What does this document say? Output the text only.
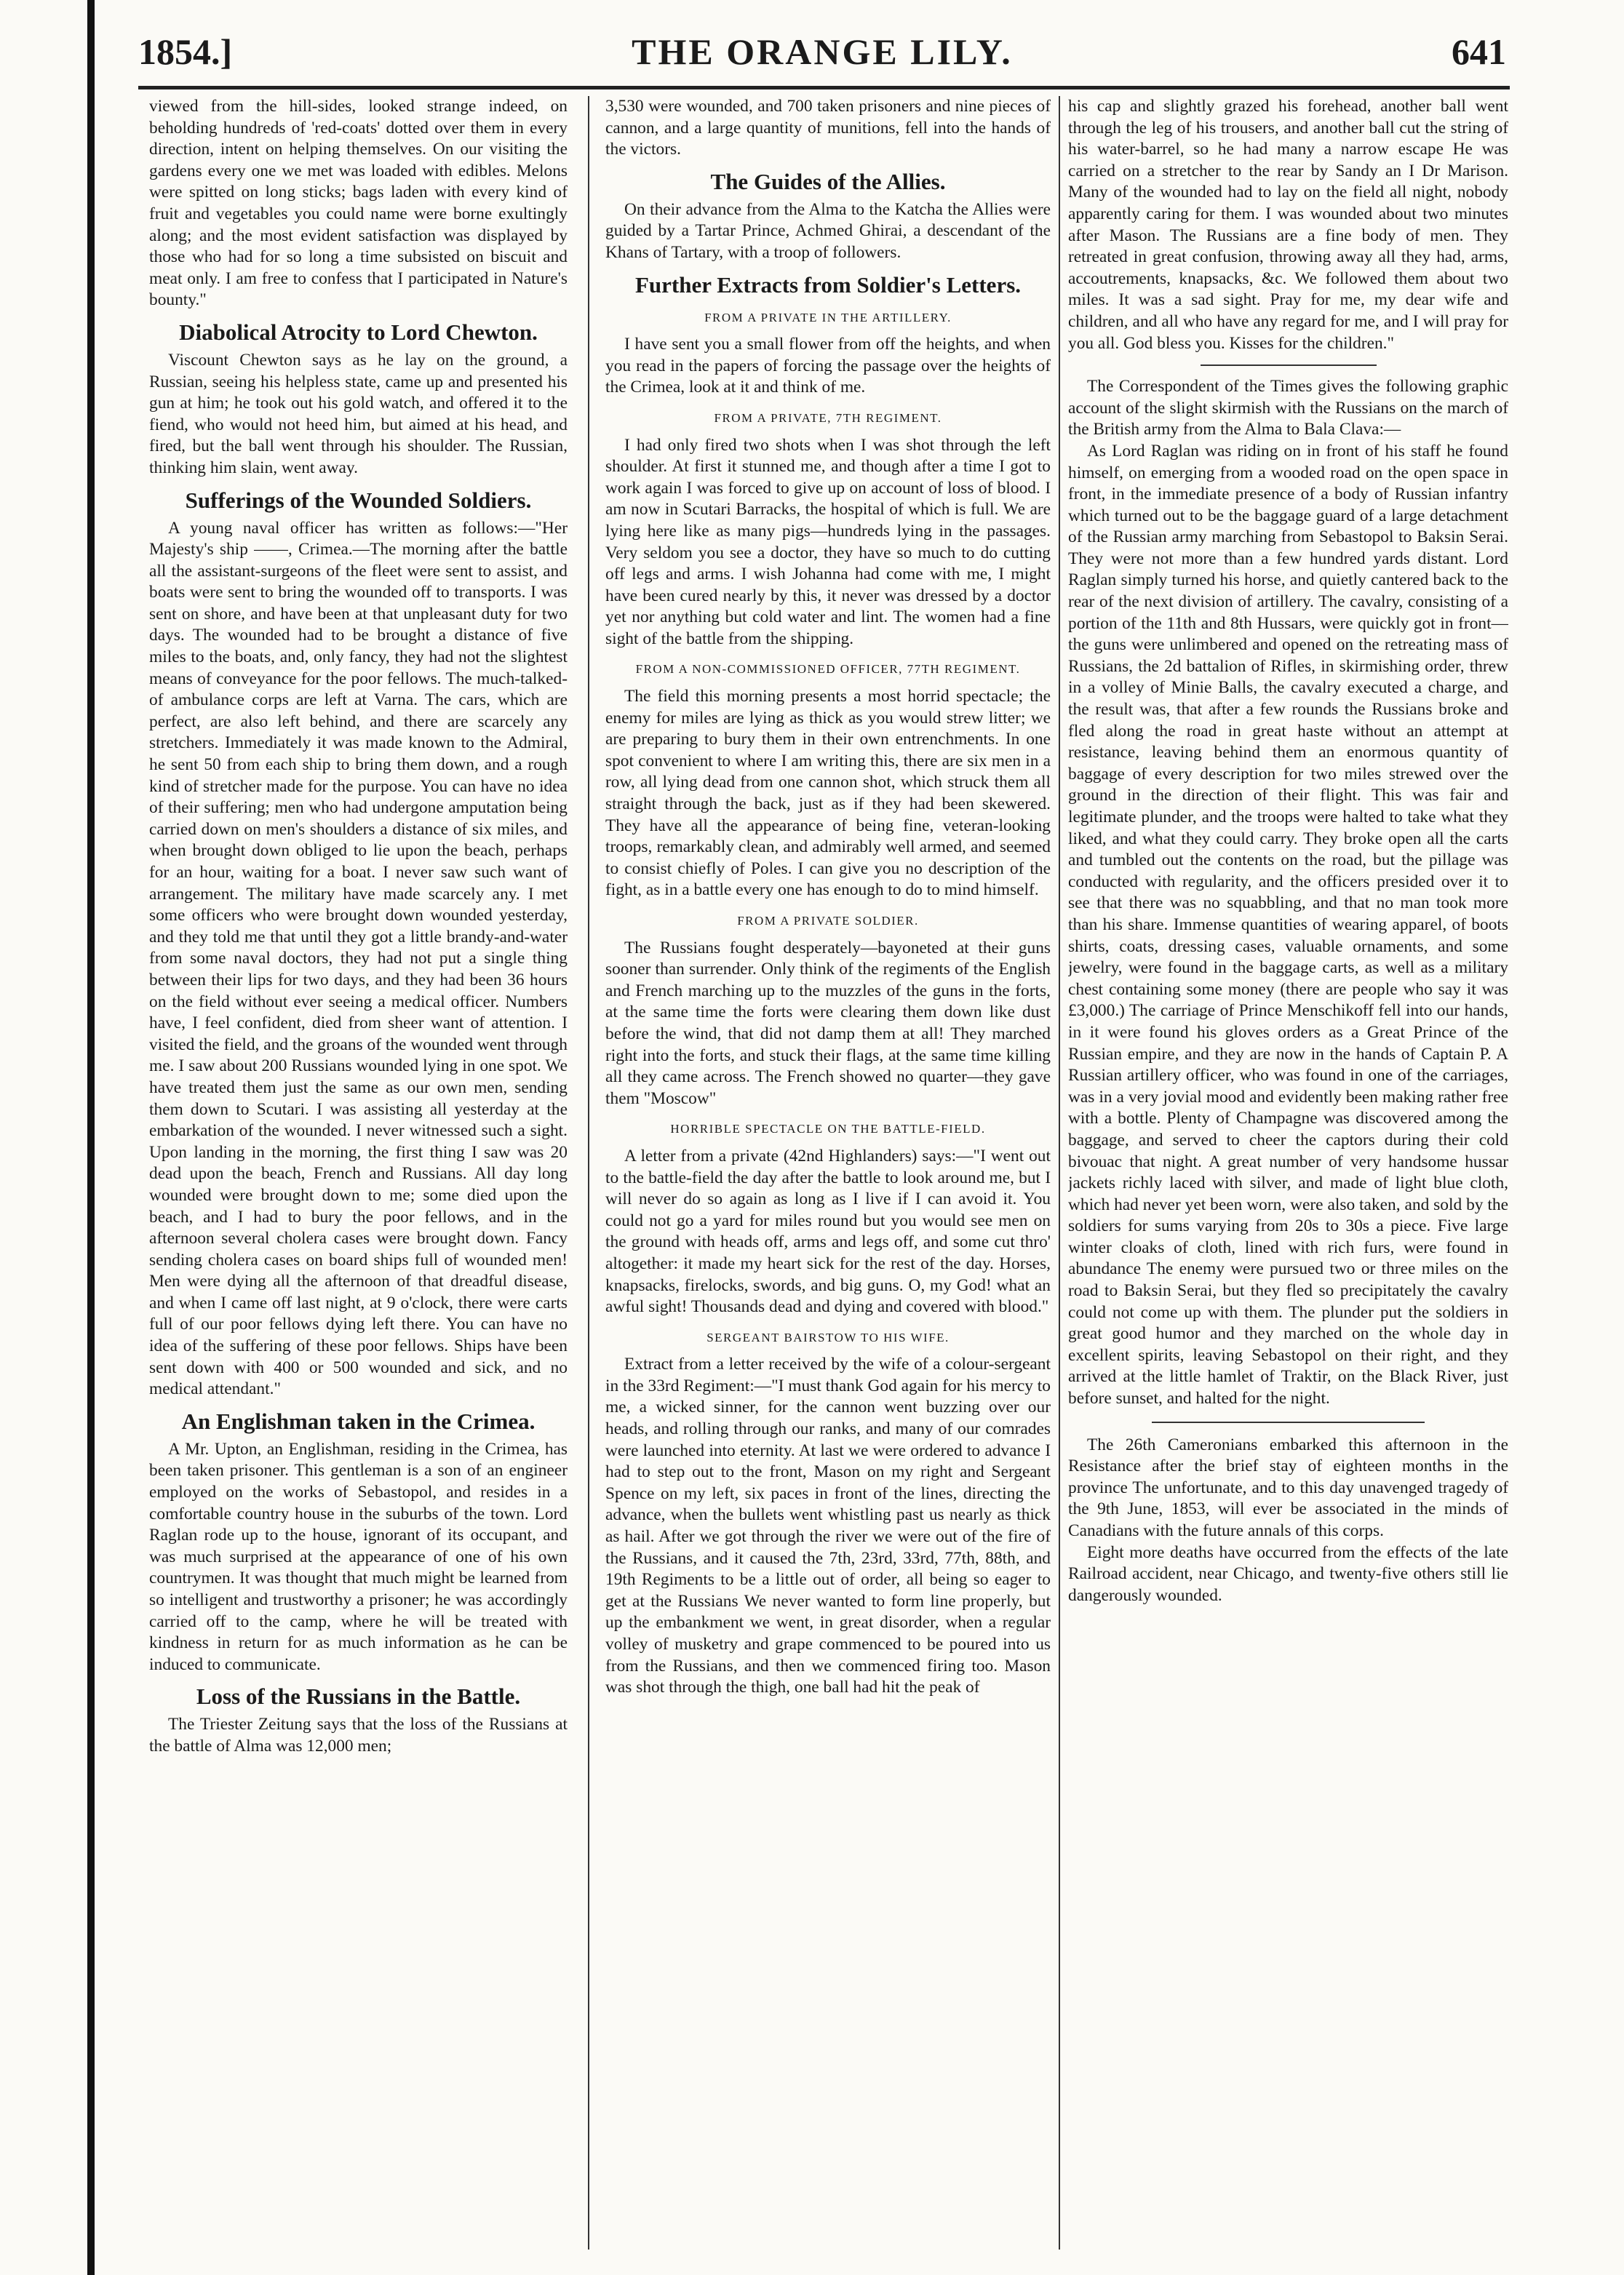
1854.]	THE ORANGE LILY.	641

viewed from the hill-sides, looked strange indeed, on beholding hundreds of 'red-coats' dotted over them in every direction, intent on helping themselves. On our visiting the gardens every one we met was loaded with edibles. Melons were spitted on long sticks; bags laden with every kind of fruit and vegetables you could name were borne exultingly along; and the most evident satisfaction was displayed by those who had for so long a time subsisted on biscuit and meat only. I am free to confess that I participated in Nature's bounty."

Diabolical Atrocity to Lord Chewton.

Viscount Chewton says as he lay on the ground, a Russian, seeing his helpless state, came up and presented his gun at him; he took out his gold watch, and offered it to the fiend, who would not heed him, but aimed at his head, and fired, but the ball went through his shoulder. The Russian, thinking him slain, went away.

Sufferings of the Wounded Soldiers.

A young naval officer has written as follows:—"Her Majesty's ship ——, Crimea.—The morning after the battle all the assistant-surgeons of the fleet were sent to assist, and boats were sent to bring the wounded off to transports. I was sent on shore, and have been at that unpleasant duty for two days. The wounded had to be brought a distance of five miles to the boats, and, only fancy, they had not the slightest means of conveyance for the poor fellows. The much-talked-of ambulance corps are left at Varna. The cars, which are perfect, are also left behind, and there are scarcely any stretchers. Immediately it was made known to the Admiral, he sent 50 from each ship to bring them down, and a rough kind of stretcher made for the purpose. You can have no idea of their suffering; men who had undergone amputation being carried down on men's shoulders a distance of six miles, and when brought down obliged to lie upon the beach, perhaps for an hour, waiting for a boat. I never saw such want of arrangement. The military have made scarcely any. I met some officers who were brought down wounded yesterday, and they told me that until they got a little brandy-and-water from some naval doctors, they had not put a single thing between their lips for two days, and they had been 36 hours on the field without ever seeing a medical officer. Numbers have, I feel confident, died from sheer want of attention. I visited the field, and the groans of the wounded went through me. I saw about 200 Russians wounded lying in one spot. We have treated them just the same as our own men, sending them down to Scutari. I was assisting all yesterday at the embarkation of the wounded. I never witnessed such a sight. Upon landing in the morning, the first thing I saw was 20 dead upon the beach, French and Russians. All day long wounded were brought down to me; some died upon the beach, and I had to bury the poor fellows, and in the afternoon several cholera cases were brought down. Fancy sending cholera cases on board ships full of wounded men! Men were dying all the afternoon of that dreadful disease, and when I came off last night, at 9 o'clock, there were carts full of our poor fellows dying left there. You can have no idea of the suffering of these poor fellows. Ships have been sent down with 400 or 500 wounded and sick, and no medical attendant."

An Englishman taken in the Crimea.

A Mr. Upton, an Englishman, residing in the Crimea, has been taken prisoner. This gentleman is a son of an engineer employed on the works of Sebastopol, and resides in a comfortable country house in the suburbs of the town. Lord Raglan rode up to the house, ignorant of its occupant, and was much surprised at the appearance of one of his own countrymen. It was thought that much might be learned from so intelligent and trustworthy a prisoner; he was accordingly carried off to the camp, where he will be treated with kindness in return for as much information as he can be induced to communicate.

Loss of the Russians in the Battle.

The Triester Zeitung says that the loss of the Russians at the battle of Alma was 12,000 men;

3,530 were wounded, and 700 taken prisoners and nine pieces of cannon, and a large quantity of munitions, fell into the hands of the victors.

The Guides of the Allies.

On their advance from the Alma to the Katcha the Allies were guided by a Tartar Prince, Achmed Ghirai, a descendant of the Khans of Tartary, with a troop of followers.

Further Extracts from Soldier's Letters.
FROM A PRIVATE IN THE ARTILLERY.

I have sent you a small flower from off the heights, and when you read in the papers of forcing the passage over the heights of the Crimea, look at it and think of me.

FROM A PRIVATE, 7TH REGIMENT.

I had only fired two shots when I was shot through the left shoulder. At first it stunned me, and though after a time I got to work again I was forced to give up on account of loss of blood. I am now in Scutari Barracks, the hospital of which is full. We are lying here like as many pigs—hundreds lying in the passages. Very seldom you see a doctor, they have so much to do cutting off legs and arms. I wish Johanna had come with me, I might have been cured nearly by this, it never was dressed by a doctor yet nor anything but cold water and lint. The women had a fine sight of the battle from the shipping.

FROM A NON-COMMISSIONED OFFICER, 77TH REGIMENT.

The field this morning presents a most horrid spectacle; the enemy for miles are lying as thick as you would strew litter; we are preparing to bury them in their own entrenchments. In one spot convenient to where I am writing this, there are six men in a row, all lying dead from one cannon shot, which struck them all straight through the back, just as if they had been skewered. They have all the appearance of being fine, veteran-looking troops, remarkably clean, and admirably well armed, and seemed to consist chiefly of Poles. I can give you no description of the fight, as in a battle every one has enough to do to mind himself.

FROM A PRIVATE SOLDIER.

The Russians fought desperately—bayoneted at their guns sooner than surrender. Only think of the regiments of the English and French marching up to the muzzles of the guns in the forts, at the same time the forts were clearing them down like dust before the wind, that did not damp them at all! They marched right into the forts, and stuck their flags, at the same time killing all they came across. The French showed no quarter—they gave them "Moscow"

HORRIBLE SPECTACLE ON THE BATTLE-FIELD.

A letter from a private (42nd Highlanders) says:—"I went out to the battle-field the day after the battle to look around me, but I will never do so again as long as I live if I can avoid it. You could not go a yard for miles round but you would see men on the ground with heads off, arms and legs off, and some cut thro' altogether: it made my heart sick for the rest of the day. Horses, knapsacks, firelocks, swords, and big guns. O, my God! what an awful sight! Thousands dead and dying and covered with blood."

SERGEANT BAIRSTOW TO HIS WIFE.

Extract from a letter received by the wife of a colour-sergeant in the 33rd Regiment:—"I must thank God again for his mercy to me, a wicked sinner, for the cannon went buzzing over our heads, and rolling through our ranks, and many of our comrades were launched into eternity. At last we were ordered to advance I had to step out to the front, Mason on my right and Sergeant Spence on my left, six paces in front of the lines, directing the advance, when the bullets went whistling past us nearly as thick as hail. After we got through the river we were out of the fire of the Russians, and it caused the 7th, 23rd, 33rd, 77th, 88th, and 19th Regiments to be a little out of order, all being so eager to get at the Russians We never wanted to form line properly, but up the embankment we went, in great disorder, when a regular volley of musketry and grape commenced to be poured into us from the Russians, and then we commenced firing too. Mason was shot through the thigh, one ball had hit the peak of

his cap and slightly grazed his forehead, another ball went through the leg of his trousers, and another ball cut the string of his water-barrel, so he had many a narrow escape He was carried on a stretcher to the rear by Sandy an I Dr Marison. Many of the wounded had to lay on the field all night, nobody apparently caring for them. I was wounded about two minutes after Mason. The Russians are a fine body of men. They retreated in great confusion, throwing away all they had, arms, accoutrements, knapsacks, &c. We followed them about two miles. It was a sad sight. Pray for me, my dear wife and children, and all who have any regard for me, and I will pray for you all. God bless you. Kisses for the children."

The Correspondent of the Times gives the following graphic account of the slight skirmish with the Russians on the march of the British army from the Alma to Bala Clava:—

As Lord Raglan was riding on in front of his staff he found himself, on emerging from a wooded road on the open space in front, in the immediate presence of a body of Russian infantry which turned out to be the baggage guard of a large detachment of the Russian army marching from Sebastopol to Baksin Serai. They were not more than a few hundred yards distant. Lord Raglan simply turned his horse, and quietly cantered back to the rear of the next division of artillery. The cavalry, consisting of a portion of the 11th and 8th Hussars, were quickly got in front—the guns were unlimbered and opened on the retreating mass of Russians, the 2d battalion of Rifles, in skirmishing order, threw in a volley of Minie Balls, the cavalry executed a charge, and the result was, that after a few rounds the Russians broke and fled along the road in great haste without an attempt at resistance, leaving behind them an enormous quantity of baggage of every description for two miles strewed over the ground in the direction of their flight. This was fair and legitimate plunder, and the troops were halted to take what they liked, and what they could carry. They broke open all the carts and tumbled out the contents on the road, but the pillage was conducted with regularity, and the officers presided over it to see that there was no squabbling, and that no man took more than his share. Immense quantities of wearing apparel, of boots shirts, coats, dressing cases, valuable ornaments, and some jewelry, were found in the baggage carts, as well as a military chest containing some money (there are people who say it was £3,000.) The carriage of Prince Menschikoff fell into our hands, in it were found his gloves orders as a Great Prince of the Russian empire, and they are now in the hands of Captain P. A Russian artillery officer, who was found in one of the carriages, was in a very jovial mood and evidently been making rather free with a bottle. Plenty of Champagne was discovered among the baggage, and served to cheer the captors during their cold bivouac that night. A great number of very handsome hussar jackets richly laced with silver, and made of light blue cloth, which had never yet been worn, were also taken, and sold by the soldiers for sums varying from 20s to 30s a piece. Five large winter cloaks of cloth, lined with rich furs, were found in abundance The enemy were pursued two or three miles on the road to Baksin Serai, but they fled so precipitately the cavalry could not come up with them. The plunder put the soldiers in great good humor and they marched on the whole day in excellent spirits, leaving Sebastopol on their right, and they arrived at the little hamlet of Traktir, on the Black River, just before sunset, and halted for the night.

The 26th Cameronians embarked this afternoon in the Resistance after the brief stay of eighteen months in the province The unfortunate, and to this day unavenged tragedy of the 9th June, 1853, will ever be associated in the minds of Canadians with the future annals of this corps.

Eight more deaths have occurred from the effects of the late Railroad accident, near Chicago, and twenty-five others still lie dangerously wounded.
